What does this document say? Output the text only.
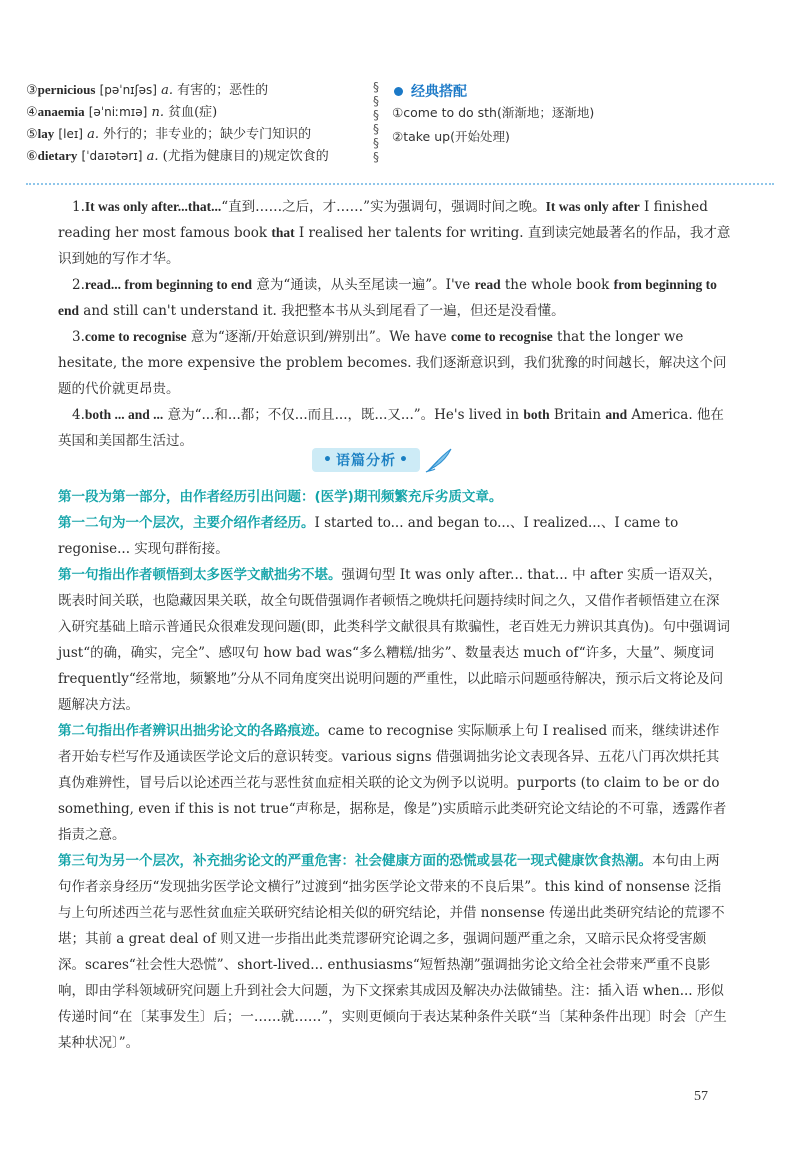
③pernicious [pəˈnɪʃəs] a. 有害的；恶性的
④anaemia [əˈniːmɪə] n. 贫血(症)
⑤lay [leɪ] a. 外行的；非专业的；缺少专门知识的
⑥dietary [ˈdaɪətərɪ] a. (尤指为健康目的)规定饮食的
§
§
§
§
§
§
经典搭配
①come to do sth(渐渐地；逐渐地)
②take up(开始处理)

1.It was only after...that...“直到……之后，才……”实为强调句，强调时间之晚。It was only after I finished reading her most famous book that I realised her talents for writing. 直到读完她最著名的作品，我才意识到她的写作才华。

2.read... from beginning to end 意为“通读，从头至尾读一遍”。I've read the whole book from beginning to end and still can't understand it. 我把整本书从头到尾看了一遍，但还是没看懂。

3.come to recognise 意为“逐渐/开始意识到/辨别出”。We have come to recognise that the longer we hesitate, the more expensive the problem becomes. 我们逐渐意识到，我们犹豫的时间越长，解决这个问题的代价就更昂贵。

4.both ... and ... 意为“...和...都；不仅...而且...，既...又...”。He's lived in both Britain and America. 他在英国和美国都生活过。

• 语篇分析 •

第一段为第一部分，由作者经历引出问题：(医学)期刊频繁充斥劣质文章。

第一二句为一个层次，主要介绍作者经历。I started to... and began to...、I realized...、I came to regonise... 实现句群衔接。

第一句指出作者顿悟到太多医学文献拙劣不堪。强调句型 It was only after... that... 中 after 实质一语双关，既表时间关联，也隐藏因果关联，故全句既借强调作者顿悟之晚烘托问题持续时间之久，又借作者顿悟建立在深入研究基础上暗示普通民众很难发现问题(即，此类科学文献很具有欺骗性，老百姓无力辨识其真伪)。句中强调词 just“的确，确实，完全”、感叹句 how bad was“多么糟糕/拙劣”、数量表达 much of“许多，大量”、频度词 frequently“经常地，频繁地”分从不同角度突出说明问题的严重性，以此暗示问题亟待解决，预示后文将论及问题解决方法。

第二句指出作者辨识出拙劣论文的各路痕迹。came to recognise 实际顺承上句 I realised 而来，继续讲述作者开始专栏写作及通读医学论文后的意识转变。various signs 借强调拙劣论文表现各异、五花八门再次烘托其真伪难辨性，冒号后以论述西兰花与恶性贫血症相关联的论文为例予以说明。purports (to claim to be or do something, even if this is not true“声称是，据称是，像是”)实质暗示此类研究论文结论的不可靠，透露作者指责之意。

第三句为另一个层次，补充拙劣论文的严重危害：社会健康方面的恐慌或昙花一现式健康饮食热潮。本句由上两句作者亲身经历“发现拙劣医学论文横行”过渡到“拙劣医学论文带来的不良后果”。this kind of nonsense 泛指与上句所述西兰花与恶性贫血症关联研究结论相关似的研究结论，并借 nonsense 传递出此类研究结论的荒谬不堪；其前 a great deal of 则又进一步指出此类荒谬研究论调之多，强调问题严重之余，又暗示民众将受害颇深。scares“社会性大恐慌”、short-lived... enthusiasms“短暂热潮”强调拙劣论文给全社会带来严重不良影响，即由学科领域研究问题上升到社会大问题，为下文探索其成因及解决办法做铺垫。注：插入语 when... 形似传递时间“在〔某事发生〕后；一……就……”，实则更倾向于表达某种条件关联“当〔某种条件出现〕时会〔产生某种状况〕”。

57
